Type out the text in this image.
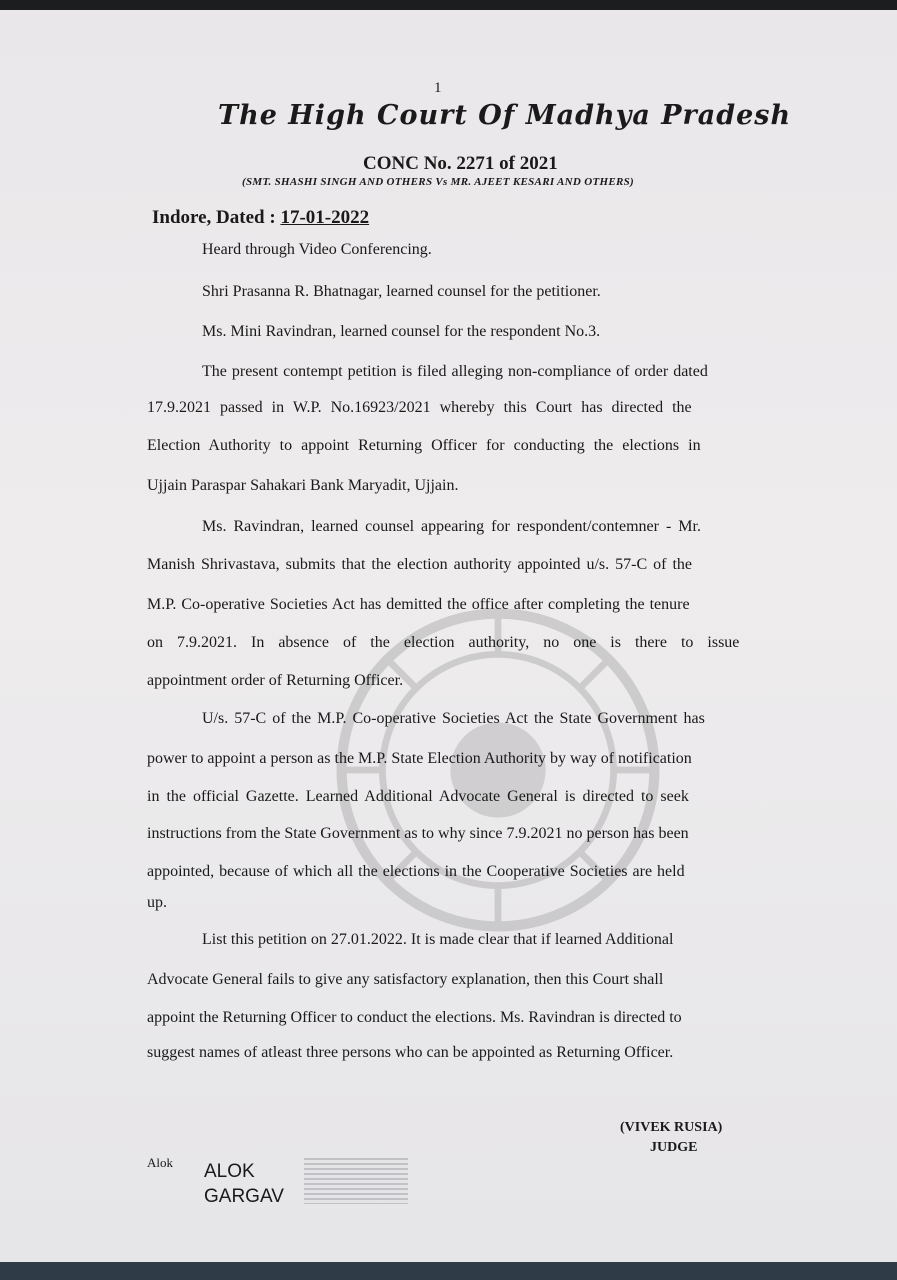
1
The High Court Of Madhya Pradesh
CONC No. 2271 of 2021
(SMT. SHASHI SINGH AND OTHERS Vs MR. AJEET KESARI AND OTHERS)
Indore, Dated : 17-01-2022
Heard through Video Conferencing.
Shri Prasanna R. Bhatnagar, learned counsel for the petitioner.
Ms. Mini Ravindran, learned counsel for the respondent No.3.
The present contempt petition is filed alleging non-compliance of order dated
17.9.2021 passed in W.P. No.16923/2021 whereby this Court has directed the
Election Authority to appoint Returning Officer for conducting the elections in
Ujjain Paraspar Sahakari Bank Maryadit, Ujjain.
Ms. Ravindran, learned counsel appearing for respondent/contemner - Mr.
Manish Shrivastava, submits that the election authority appointed u/s. 57-C of the
M.P. Co-operative Societies Act has demitted the office after completing the tenure
on 7.9.2021. In absence of the election authority, no one is there to issue
appointment order of Returning Officer.
U/s. 57-C of the M.P. Co-operative Societies Act the State Government has
power to appoint a person as the M.P. State Election Authority by way of notification
in the official Gazette. Learned Additional Advocate General is directed to seek
instructions from the State Government as to why since 7.9.2021 no person has been
appointed, because of which all the elections in the Cooperative Societies are held
up.
List this petition on 27.01.2022. It is made clear that if learned Additional
Advocate General fails to give any satisfactory explanation, then this Court shall
appoint the Returning Officer to conduct the elections. Ms. Ravindran is directed to
suggest names of atleast three persons who can be appointed as Returning Officer.
(VIVEK RUSIA)
JUDGE
Alok ALOK
GARGAV
